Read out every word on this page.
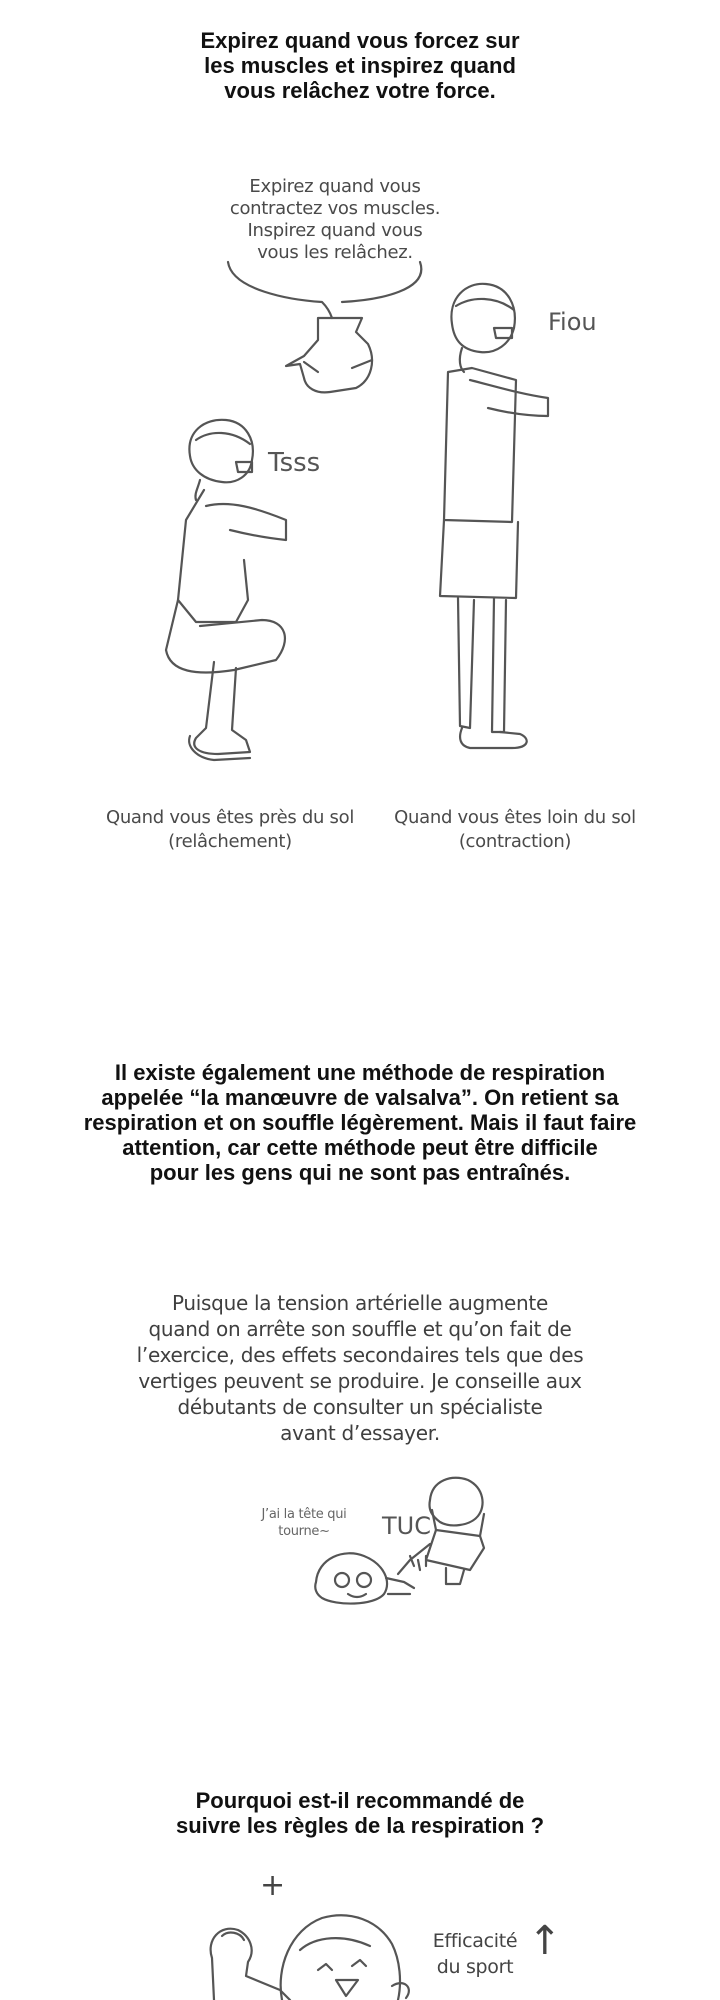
Expirez quand vous forcez sur
les muscles et inspirez quand
vous relâchez votre force.
Expirez quand vous
contractez vos muscles.
Inspirez quand vous
vous les relâchez.
Tsss
Fiou
Quand vous êtes près du sol
(relâchement)
Quand vous êtes loin du sol
(contraction)
Il existe également une méthode de respiration
appelée “la manœuvre de valsalva”. On retient sa
respiration et on souffle légèrement. Mais il faut faire
attention, car cette méthode peut être difficile
pour les gens qui ne sont pas entraînés.
Puisque la tension artérielle augmente
quand on arrête son souffle et qu’on fait de
l’exercice, des effets secondaires tels que des
vertiges peuvent se produire. Je conseille aux
débutants de consulter un spécialiste
avant d’essayer.
J’ai la tête qui
tourne~	TUC
Pourquoi est-il recommandé de
suivre les règles de la respiration ?
+
Efficacité
du sport
↑
